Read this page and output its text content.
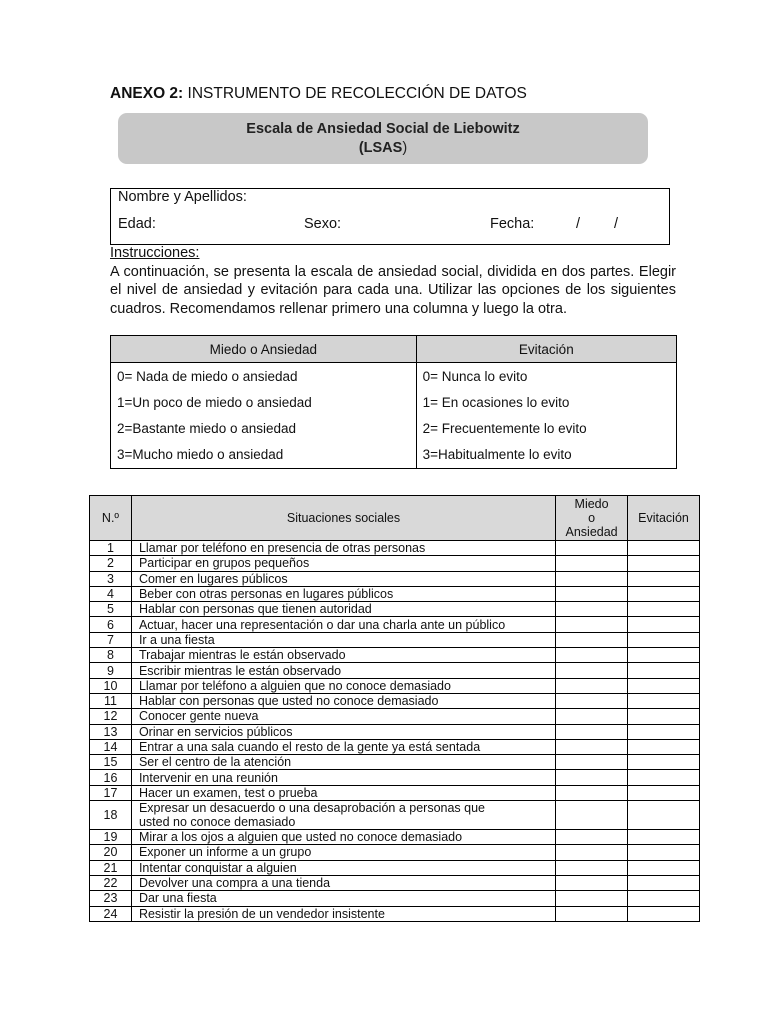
ANEXO 2: INSTRUMENTO DE RECOLECCIÓN DE DATOS
Escala de Ansiedad Social de Liebowitz
(LSAS)
Nombre y Apellidos:
Edad:	Sexo:	Fecha:	/ /
Instrucciones:

A continuación, se presenta la escala de ansiedad social, dividida en dos partes. Elegir el nivel de ansiedad y evitación para cada una. Utilizar las opciones de los siguientes cuadros. Recomendamos rellenar primero una columna y luego la otra.

Miedo o Ansiedad	Evitación
0= Nada de miedo o ansiedad	0= Nunca lo evito
1=Un poco de miedo o ansiedad	1= En ocasiones lo evito
2=Bastante miedo o ansiedad	2= Frecuentemente lo evito
3=Mucho miedo o ansiedad	3=Habitualmente lo evito
N.º	Situaciones sociales	Miedo
o
Ansiedad	Evitación
1	Llamar por teléfono en presencia de otras personas		

2	Participar en grupos pequeños		

3	Comer en lugares públicos		

4	Beber con otras personas en lugares públicos		

5	Hablar con personas que tienen autoridad		

6	Actuar, hacer una representación o dar una charla ante un público		

7	Ir a una fiesta		

8	Trabajar mientras le están observado		

9	Escribir mientras le están observado		

10	Llamar por teléfono a alguien que no conoce demasiado		

11	Hablar con personas que usted no conoce demasiado		

12	Conocer gente nueva		

13	Orinar en servicios públicos		

14	Entrar a una sala cuando el resto de la gente ya está sentada		

15	Ser el centro de la atención		

16	Intervenir en una reunión		

17	Hacer un examen, test o prueba		

18	Expresar un desacuerdo o una desaprobación a personas que
usted no conoce demasiado		

19	Mirar a los ojos a alguien que usted no conoce demasiado		

20	Exponer un informe a un grupo		

21	Intentar conquistar a alguien		

22	Devolver una compra a una tienda		

23	Dar una fiesta		

24	Resistir la presión de un vendedor insistente		
